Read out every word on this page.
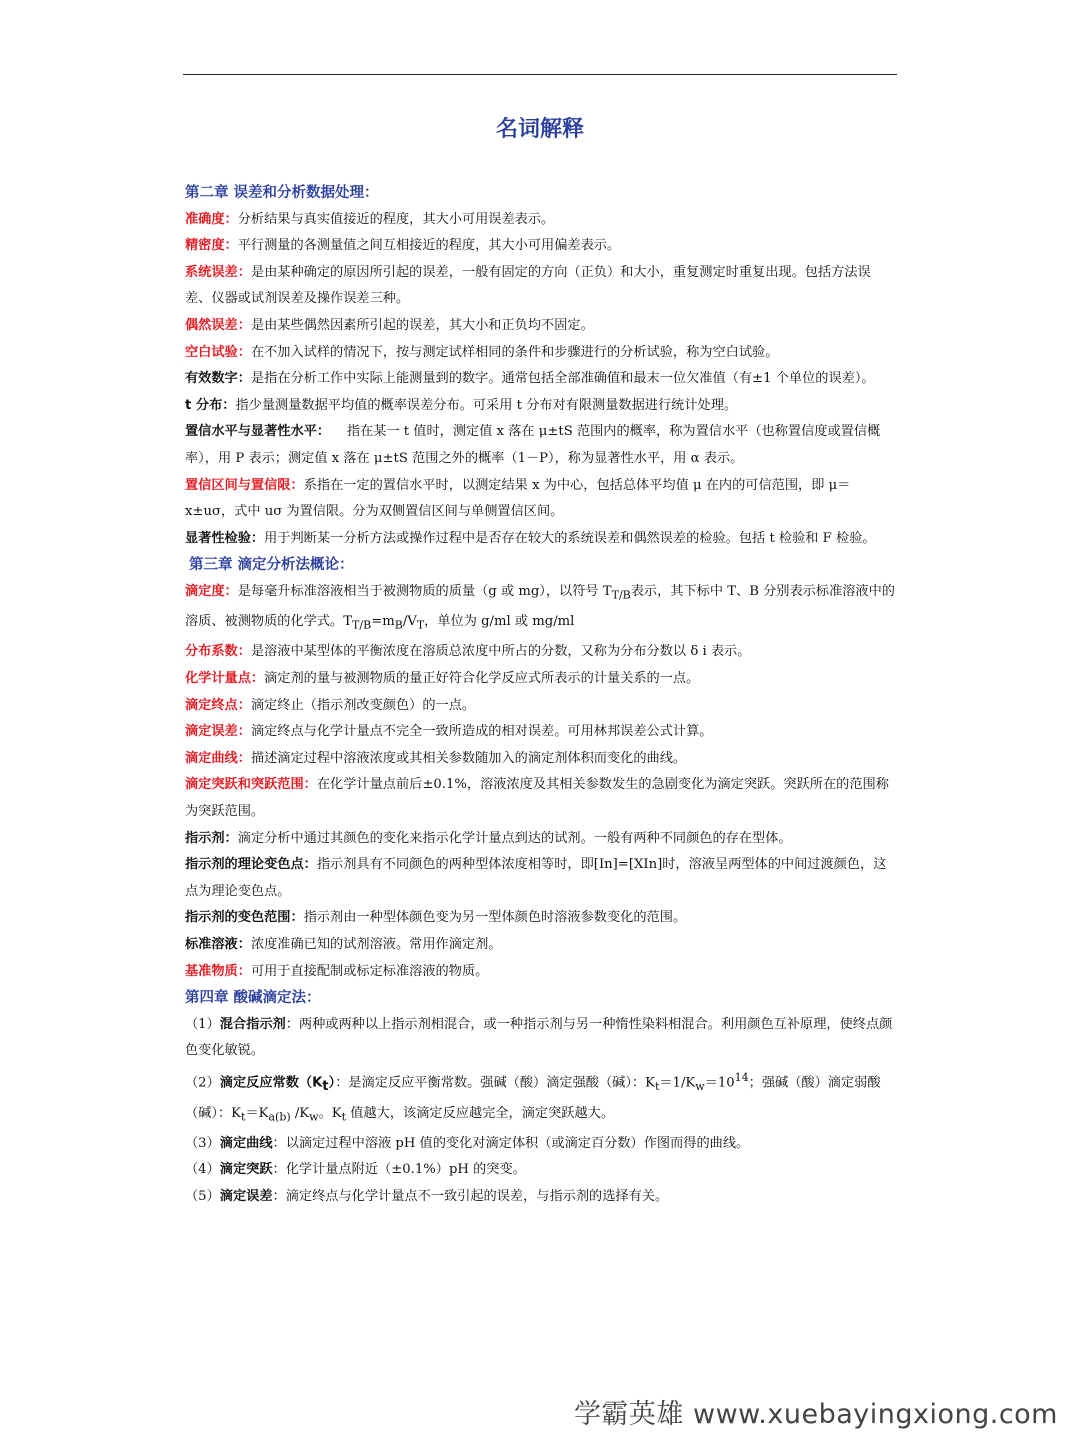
名词解释
第二章 误差和分析数据处理：

准确度：分析结果与真实值接近的程度，其大小可用误差表示。

精密度：平行测量的各测量值之间互相接近的程度，其大小可用偏差表示。

系统误差：是由某种确定的原因所引起的误差，一般有固定的方向（正负）和大小，重复测定时重复出现。包括方法误差、仪器或试剂误差及操作误差三种。

偶然误差：是由某些偶然因素所引起的误差，其大小和正负均不固定。

空白试验：在不加入试样的情况下，按与测定试样相同的条件和步骤进行的分析试验，称为空白试验。

有效数字：是指在分析工作中实际上能测量到的数字。通常包括全部准确值和最末一位欠准值（有±1 个单位的误差）。

t 分布：指少量测量数据平均值的概率误差分布。可采用 t 分布对有限测量数据进行统计处理。

置信水平与显著性水平：    指在某一 t 值时，测定值 x 落在 μ±tS 范围内的概率，称为置信水平（也称置信度或置信概率），用 P 表示；测定值 x 落在 μ±tS 范围之外的概率（1－P），称为显著性水平，用 α 表示。

置信区间与置信限：系指在一定的置信水平时，以测定结果 x 为中心，包括总体平均值 μ 在内的可信范围，即 μ＝x±uσ，式中 uσ 为置信限。分为双侧置信区间与单侧置信区间。

显著性检验：用于判断某一分析方法或操作过程中是否存在较大的系统误差和偶然误差的检验。包括 t 检验和 F 检验。

第三章 滴定分析法概论：

滴定度：是每毫升标准溶液相当于被测物质的质量（g 或 mg），以符号 $T_{T/B}$表示，其下标中 T、B 分别表示标准溶液中的溶质、被测物质的化学式。$T_{T/B}=m_B/V_T$，单位为 g/ml 或 mg/ml

分布系数：是溶液中某型体的平衡浓度在溶质总浓度中所占的分数，又称为分布分数以 δ i 表示。

化学计量点：滴定剂的量与被测物质的量正好符合化学反应式所表示的计量关系的一点。

滴定终点：滴定终止（指示剂改变颜色）的一点。

滴定误差：滴定终点与化学计量点不完全一致所造成的相对误差。可用林邦误差公式计算。

滴定曲线：描述滴定过程中溶液浓度或其相关参数随加入的滴定剂体积而变化的曲线。

滴定突跃和突跃范围：在化学计量点前后±0.1%，溶液浓度及其相关参数发生的急剧变化为滴定突跃。突跃所在的范围称为突跃范围。

指示剂：滴定分析中通过其颜色的变化来指示化学计量点到达的试剂。一般有两种不同颜色的存在型体。

指示剂的理论变色点：指示剂具有不同颜色的两种型体浓度相等时，即[In]=[XIn]时，溶液呈两型体的中间过渡颜色，这点为理论变色点。

指示剂的变色范围：指示剂由一种型体颜色变为另一型体颜色时溶液参数变化的范围。

标准溶液：浓度准确已知的试剂溶液。常用作滴定剂。

基准物质：可用于直接配制或标定标准溶液的物质。

第四章 酸碱滴定法：

（1）混合指示剂：两种或两种以上指示剂相混合，或一种指示剂与另一种惰性染料相混合。利用颜色互补原理，使终点颜色变化敏锐。

（2）滴定反应常数$(K_t)$：是滴定反应平衡常数。强碱（酸）滴定强酸（碱）：$K_t=1/K_w=10^{14}$；强碱（酸）滴定弱酸（碱）：$K_t=K_{a(b)}$ $/K_w$。$K_t$ 值越大，该滴定反应越完全，滴定突跃越大。

（3）滴定曲线：以滴定过程中溶液 pH 值的变化对滴定体积（或滴定百分数）作图而得的曲线。

（4）滴定突跃：化学计量点附近（±0.1%）pH 的突变。

（5）滴定误差：滴定终点与化学计量点不一致引起的误差，与指示剂的选择有关。

学霸英雄 www.xuebayingxiong.com
